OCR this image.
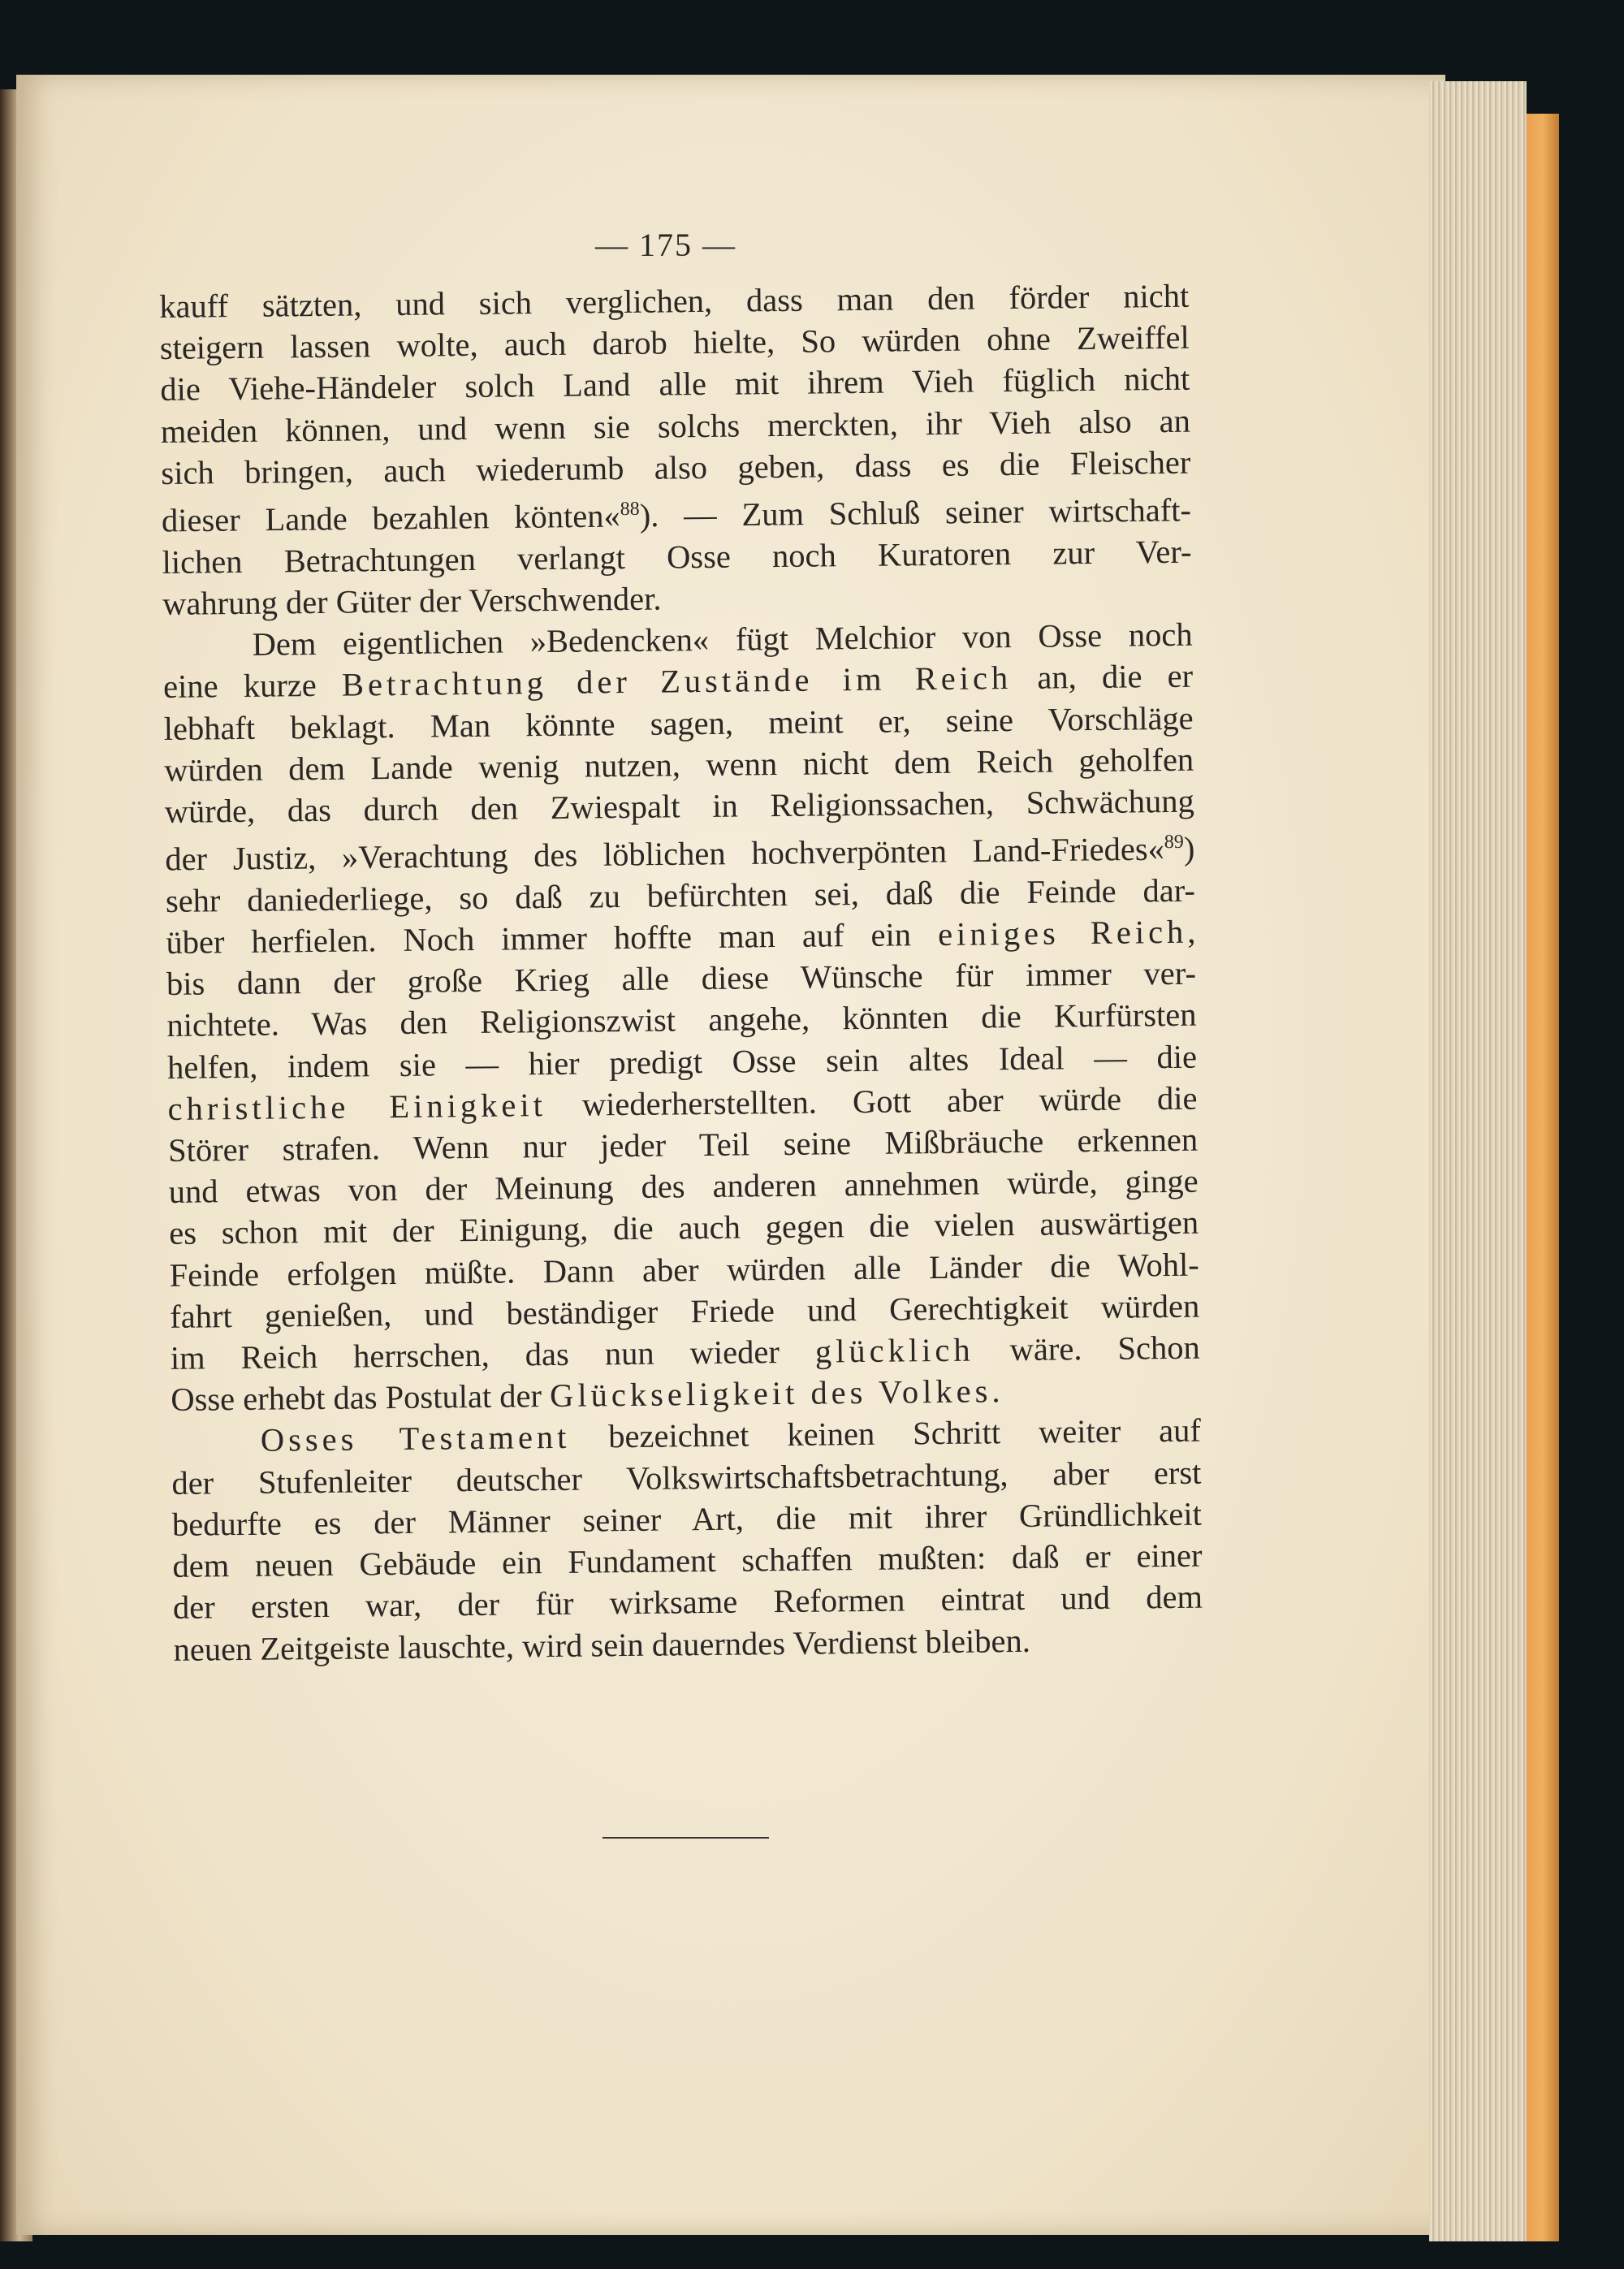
— 175 —
kauff sätzten, und sich verglichen, dass man den förder nicht
steigern lassen wolte, auch darob hielte, So würden ohne Zweiffel
die Viehe-Händeler solch Land alle mit ihrem Vieh füglich nicht
meiden können, und wenn sie solchs merckten, ihr Vieh also an
sich bringen, auch wiederumb also geben, dass es die Fleischer
dieser Lande bezahlen könten«$^{88}$). — Zum Schluß seiner wirtschaft-
lichen Betrachtungen verlangt Osse noch Kuratoren zur Ver-
wahrung der Güter der Verschwender.
Dem eigentlichen »Bedencken« fügt Melchior von Osse noch
eine kurze Betrachtung der Zustände im Reich an, die er
lebhaft beklagt. Man könnte sagen, meint er, seine Vorschläge
würden dem Lande wenig nutzen, wenn nicht dem Reich geholfen
würde, das durch den Zwiespalt in Religionssachen, Schwächung
der Justiz, »Verachtung des löblichen hochverpönten Land-Friedes«$^{89}$)
sehr daniederliege, so daß zu befürchten sei, daß die Feinde dar-
über herfielen. Noch immer hoffte man auf ein einiges Reich,
bis dann der große Krieg alle diese Wünsche für immer ver-
nichtete. Was den Religionszwist angehe, könnten die Kurfürsten
helfen, indem sie — hier predigt Osse sein altes Ideal — die
christliche Einigkeit wiederherstellten. Gott aber würde die
Störer strafen. Wenn nur jeder Teil seine Mißbräuche erkennen
und etwas von der Meinung des anderen annehmen würde, ginge
es schon mit der Einigung, die auch gegen die vielen auswärtigen
Feinde erfolgen müßte. Dann aber würden alle Länder die Wohl-
fahrt genießen, und beständiger Friede und Gerechtigkeit würden
im Reich herrschen, das nun wieder glücklich wäre. Schon
Osse erhebt das Postulat der Glückseligkeit des Volkes.
Osses Testament bezeichnet keinen Schritt weiter auf
der Stufenleiter deutscher Volkswirtschaftsbetrachtung, aber erst
bedurfte es der Männer seiner Art, die mit ihrer Gründlichkeit
dem neuen Gebäude ein Fundament schaffen mußten: daß er einer
der ersten war, der für wirksame Reformen eintrat und dem
neuen Zeitgeiste lauschte, wird sein dauerndes Verdienst bleiben.
